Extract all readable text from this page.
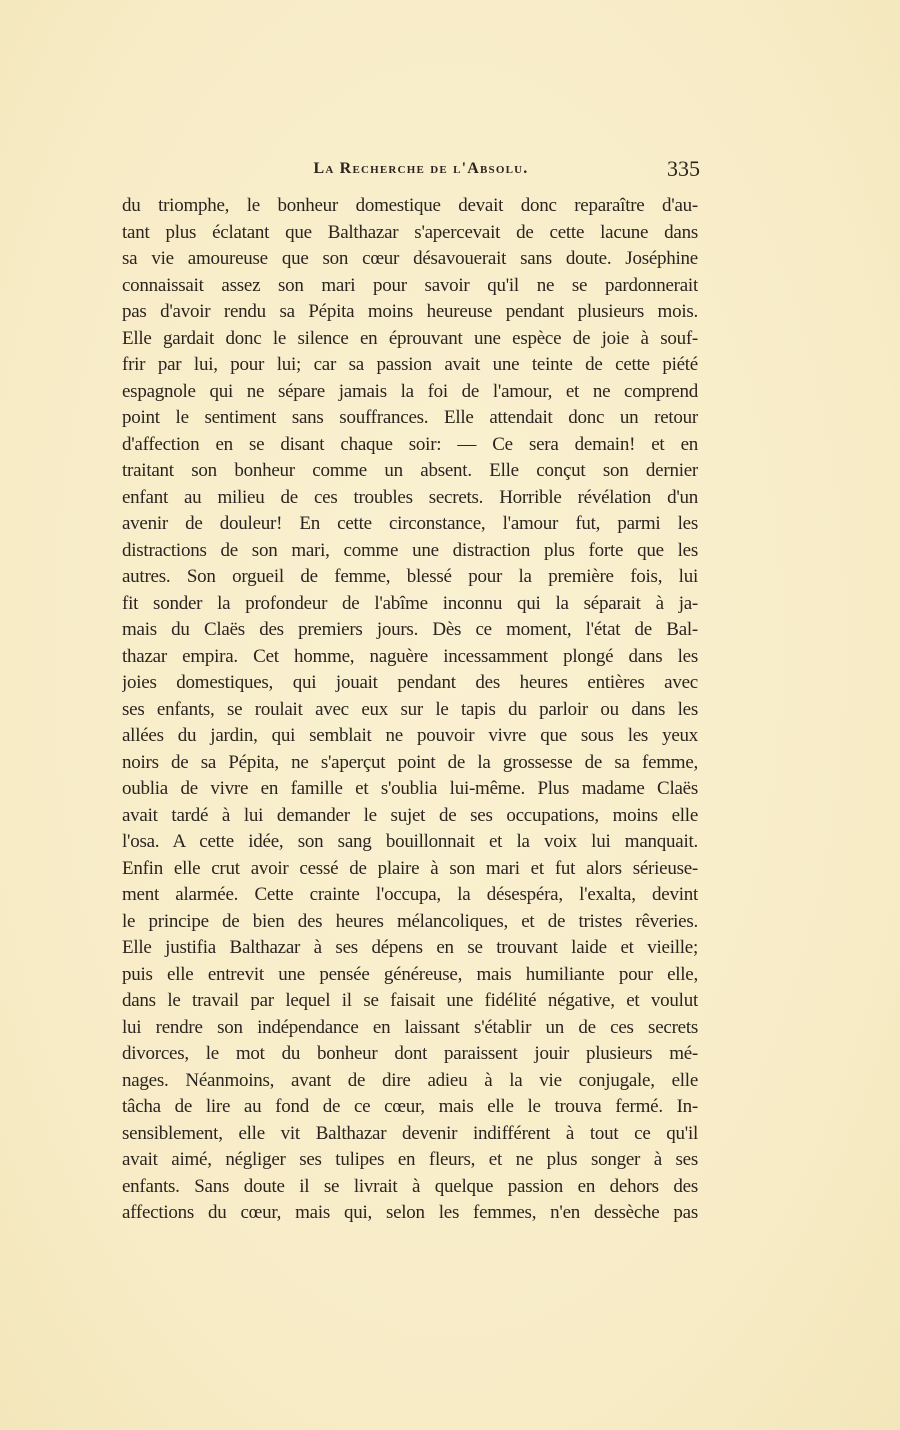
La Recherche de l'Absolu.	335
du triomphe, le bonheur domestique devait donc reparaître d'au-
tant plus éclatant que Balthazar s'apercevait de cette lacune dans
sa vie amoureuse que son cœur désavouerait sans doute. Joséphine
connaissait assez son mari pour savoir qu'il ne se pardonnerait
pas d'avoir rendu sa Pépita moins heureuse pendant plusieurs mois.
Elle gardait donc le silence en éprouvant une espèce de joie à souf-
frir par lui, pour lui; car sa passion avait une teinte de cette piété
espagnole qui ne sépare jamais la foi de l'amour, et ne comprend
point le sentiment sans souffrances. Elle attendait donc un retour
d'affection en se disant chaque soir: — Ce sera demain! et en
traitant son bonheur comme un absent. Elle conçut son dernier
enfant au milieu de ces troubles secrets. Horrible révélation d'un
avenir de douleur! En cette circonstance, l'amour fut, parmi les
distractions de son mari, comme une distraction plus forte que les
autres. Son orgueil de femme, blessé pour la première fois, lui
fit sonder la profondeur de l'abîme inconnu qui la séparait à ja-
mais du Claës des premiers jours. Dès ce moment, l'état de Bal-
thazar empira. Cet homme, naguère incessamment plongé dans les
joies domestiques, qui jouait pendant des heures entières avec
ses enfants, se roulait avec eux sur le tapis du parloir ou dans les
allées du jardin, qui semblait ne pouvoir vivre que sous les yeux
noirs de sa Pépita, ne s'aperçut point de la grossesse de sa femme,
oublia de vivre en famille et s'oublia lui-même. Plus madame Claës
avait tardé à lui demander le sujet de ses occupations, moins elle
l'osa. A cette idée, son sang bouillonnait et la voix lui manquait.
Enfin elle crut avoir cessé de plaire à son mari et fut alors sérieuse-
ment alarmée. Cette crainte l'occupa, la désespéra, l'exalta, devint
le principe de bien des heures mélancoliques, et de tristes rêveries.
Elle justifia Balthazar à ses dépens en se trouvant laide et vieille;
puis elle entrevit une pensée généreuse, mais humiliante pour elle,
dans le travail par lequel il se faisait une fidélité négative, et voulut
lui rendre son indépendance en laissant s'établir un de ces secrets
divorces, le mot du bonheur dont paraissent jouir plusieurs mé-
nages. Néanmoins, avant de dire adieu à la vie conjugale, elle
tâcha de lire au fond de ce cœur, mais elle le trouva fermé. In-
sensiblement, elle vit Balthazar devenir indifférent à tout ce qu'il
avait aimé, négliger ses tulipes en fleurs, et ne plus songer à ses
enfants. Sans doute il se livrait à quelque passion en dehors des
affections du cœur, mais qui, selon les femmes, n'en dessèche pas
